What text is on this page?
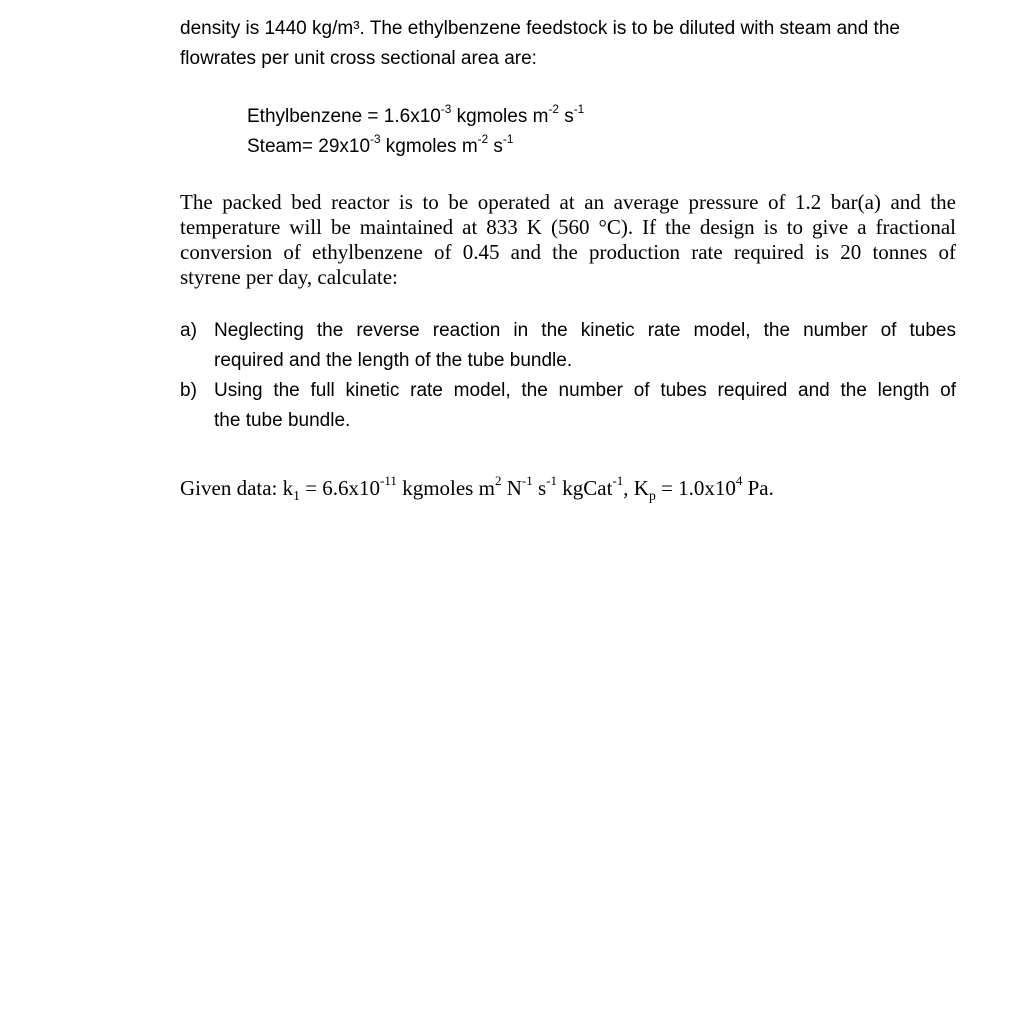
density is 1440 kg/m³. The ethylbenzene feedstock is to be diluted with steam and the
flowrates per unit cross sectional area are:

Ethylbenzene = $1.6x10^{-3}$ kgmoles $m^{-2}$ $s^{-1}$
Steam= $29x10^{-3}$ kgmoles $m^{-2}$ $s^{-1}$

The packed bed reactor is to be operated at an average pressure of 1.2 bar(a) and the
temperature will be maintained at 833 K (560 °C). If the design is to give a fractional
conversion of ethylbenzene of 0.45 and the production rate required is 20 tonnes of
styrene per day, calculate:

a) Neglecting the reverse reaction in the kinetic rate model, the number of tubes
required and the length of the tube bundle.
b) Using the full kinetic rate model, the number of tubes required and the length of
the tube bundle.

Given data: $k_1 = 6.6x10^{-11}$ kgmoles $m^2$ $N^{-1}$ $s^{-1}$ kgCat$^{-1}$, $K_p = 1.0x10^4$ Pa.
